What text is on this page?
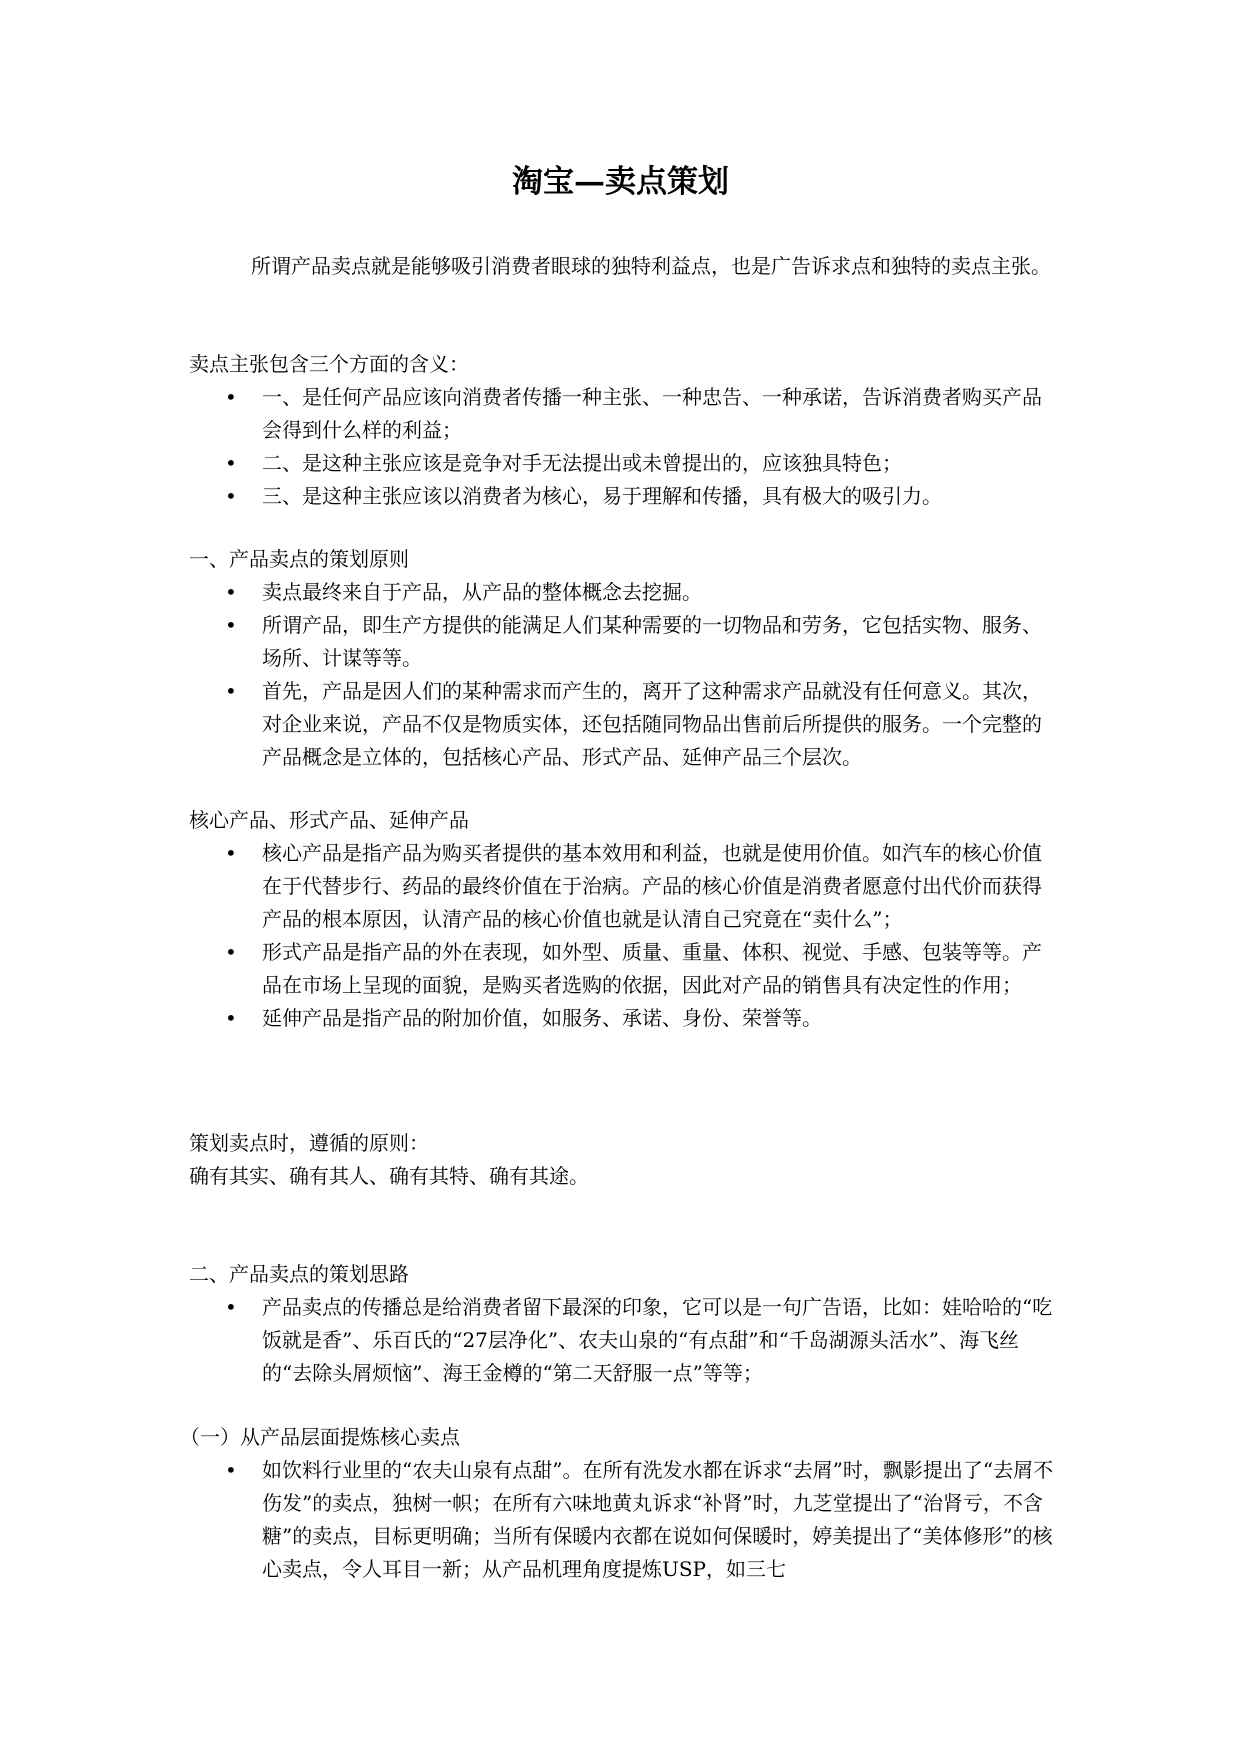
淘宝—卖点策划

所谓产品卖点就是能够吸引消费者眼球的独特利益点，也是广告诉求点和独特的卖点主张。

卖点主张包含三个方面的含义：

• 一、是任何产品应该向消费者传播一种主张、一种忠告、一种承诺，告诉消费者购买产品会得到什么样的利益；
• 二、是这种主张应该是竞争对手无法提出或未曾提出的，应该独具特色；
• 三、是这种主张应该以消费者为核心，易于理解和传播，具有极大的吸引力。

一、产品卖点的策划原则

• 卖点最终来自于产品，从产品的整体概念去挖掘。
• 所谓产品，即生产方提供的能满足人们某种需要的一切物品和劳务，它包括实物、服务、场所、计谋等等。
• 首先，产品是因人们的某种需求而产生的，离开了这种需求产品就没有任何意义。其次，对企业来说，产品不仅是物质实体，还包括随同物品出售前后所提供的服务。一个完整的产品概念是立体的，包括核心产品、形式产品、延伸产品三个层次。

核心产品、形式产品、延伸产品

• 核心产品是指产品为购买者提供的基本效用和利益，也就是使用价值。如汽车的核心价值在于代替步行、药品的最终价值在于治病。产品的核心价值是消费者愿意付出代价而获得产品的根本原因，认清产品的核心价值也就是认清自己究竟在“卖什么”；
• 形式产品是指产品的外在表现，如外型、质量、重量、体积、视觉、手感、包装等等。产品在市场上呈现的面貌，是购买者选购的依据，因此对产品的销售具有决定性的作用；
• 延伸产品是指产品的附加价值，如服务、承诺、身份、荣誉等。

策划卖点时，遵循的原则：

确有其实、确有其人、确有其特、确有其途。

二、产品卖点的策划思路

• 产品卖点的传播总是给消费者留下最深的印象，它可以是一句广告语，比如：娃哈哈的“吃饭就是香”、乐百氏的“27层净化”、农夫山泉的“有点甜”和“千岛湖源头活水”、海飞丝的“去除头屑烦恼”、海王金樽的“第二天舒服一点”等等；

（一）从产品层面提炼核心卖点

• 如饮料行业里的“农夫山泉有点甜”。在所有洗发水都在诉求“去屑”时，飘影提出了“去屑不伤发”的卖点，独树一帜；在所有六味地黄丸诉求“补肾”时，九芝堂提出了“治肾亏，不含糖”的卖点，目标更明确；当所有保暖内衣都在说如何保暖时，婷美提出了“美体修形”的核心卖点，令人耳目一新；从产品机理角度提炼USP，如三七
